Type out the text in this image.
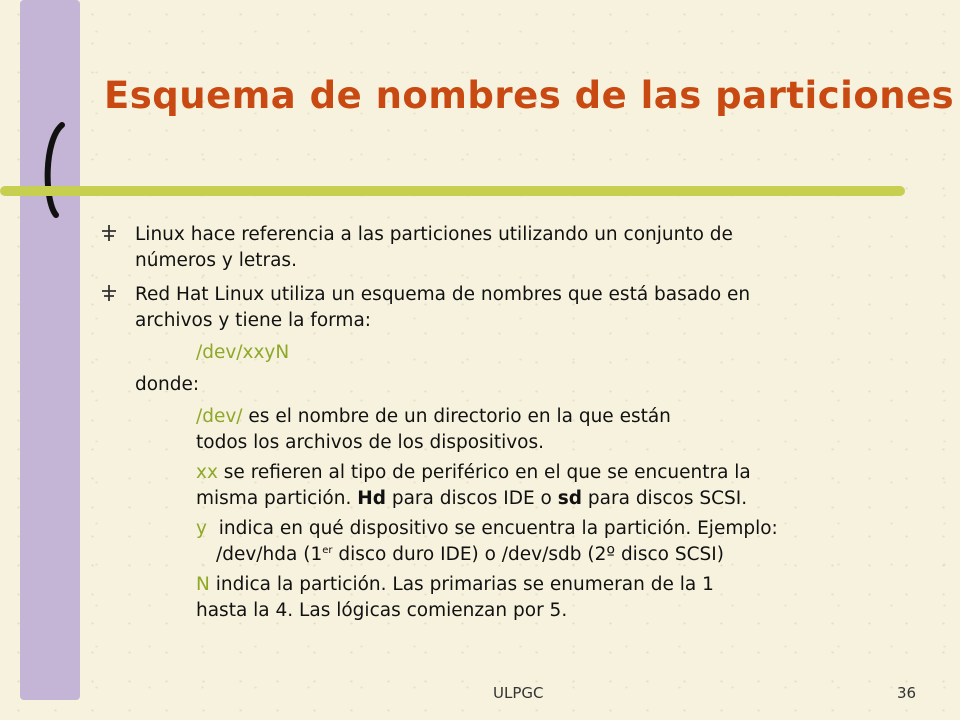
Esquema de nombres de las particiones
Linux hace referencia a las particiones utilizando un conjunto de
números y letras.
Red Hat Linux utiliza un esquema de nombres que está basado en
archivos y tiene la forma:
/dev/xxyN
donde:
/dev/ es el nombre de un directorio en la que están
todos los archivos de los dispositivos.
xx se refieren al tipo de periférico en el que se encuentra la
misma partición. Hd para discos IDE o sd para discos SCSI.
y  indica en qué dispositivo se encuentra la partición. Ejemplo:
/dev/hda (1er disco duro IDE) o /dev/sdb (2º disco SCSI)
N indica la partición. Las primarias se enumeran de la 1
hasta la 4. Las lógicas comienzan por 5.
ULPGC	36
